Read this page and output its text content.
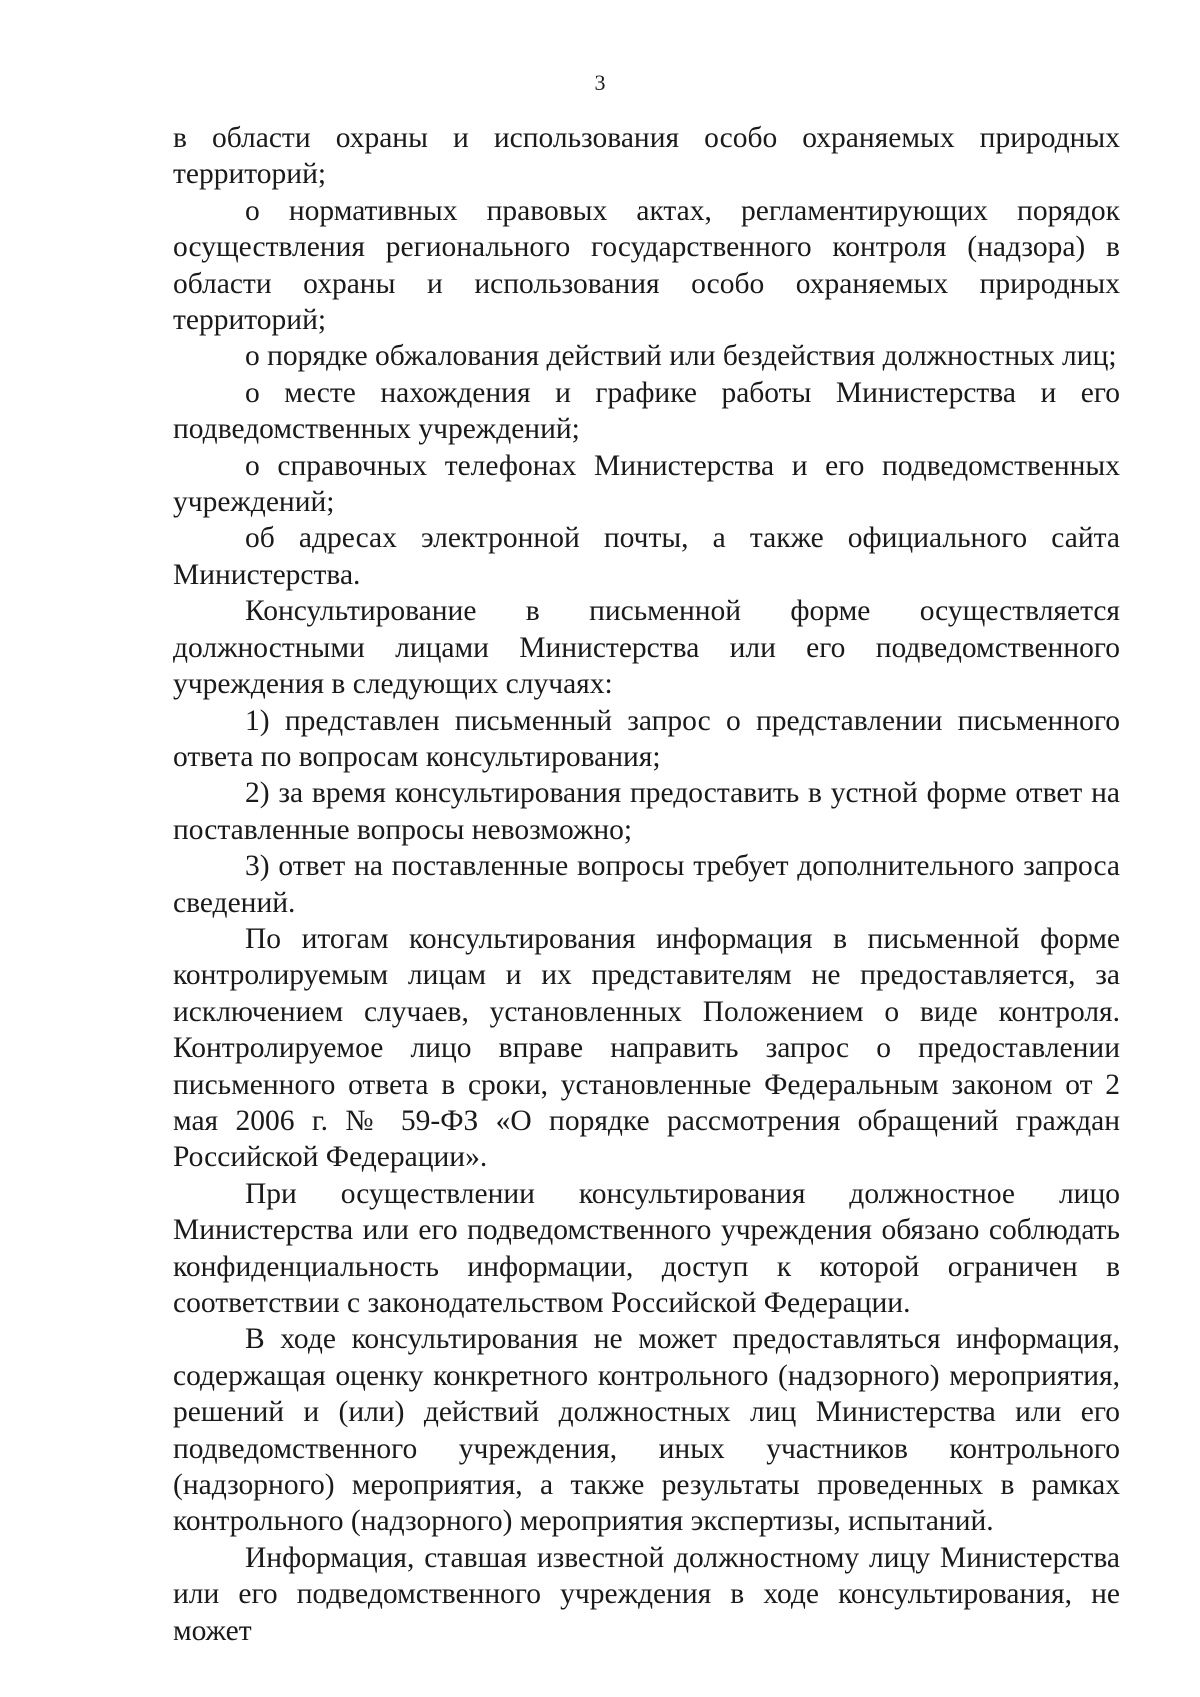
3

в области охраны и использования особо охраняемых природных территорий;

о нормативных правовых актах, регламентирующих порядок осуществления регионального государственного контроля (надзора) в области охраны и использования особо охраняемых природных территорий;

о порядке обжалования действий или бездействия должностных лиц;

о месте нахождения и графике работы Министерства и его подведомственных учреждений;

о справочных телефонах Министерства и его подведомственных учреждений;

об адресах электронной почты, а также официального сайта Министерства.

Консультирование в письменной форме осуществляется должностными лицами Министерства или его подведомственного учреждения в следующих случаях:

1) представлен письменный запрос о представлении письменного ответа по вопросам консультирования;

2) за время консультирования предоставить в устной форме ответ на поставленные вопросы невозможно;

3) ответ на поставленные вопросы требует дополнительного запроса сведений.

По итогам консультирования информация в письменной форме контролируемым лицам и их представителям не предоставляется, за исключением случаев, установленных Положением о виде контроля. Контролируемое лицо вправе направить запрос о предоставлении письменного ответа в сроки, установленные Федеральным законом от 2 мая 2006 г. № 59-ФЗ «О порядке рассмотрения обращений граждан Российской Федерации».

При осуществлении консультирования должностное лицо Министерства или его подведомственного учреждения обязано соблюдать конфиденциальность информации, доступ к которой ограничен в соответствии с законодательством Российской Федерации.

В ходе консультирования не может предоставляться информация, содержащая оценку конкретного контрольного (надзорного) мероприятия, решений и (или) действий должностных лиц Министерства или его подведомственного учреждения, иных участников контрольного (надзорного) мероприятия, а также результаты проведенных в рамках контрольного (надзорного) мероприятия экспертизы, испытаний.

Информация, ставшая известной должностному лицу Министерства или его подведомственного учреждения в ходе консультирования, не может
